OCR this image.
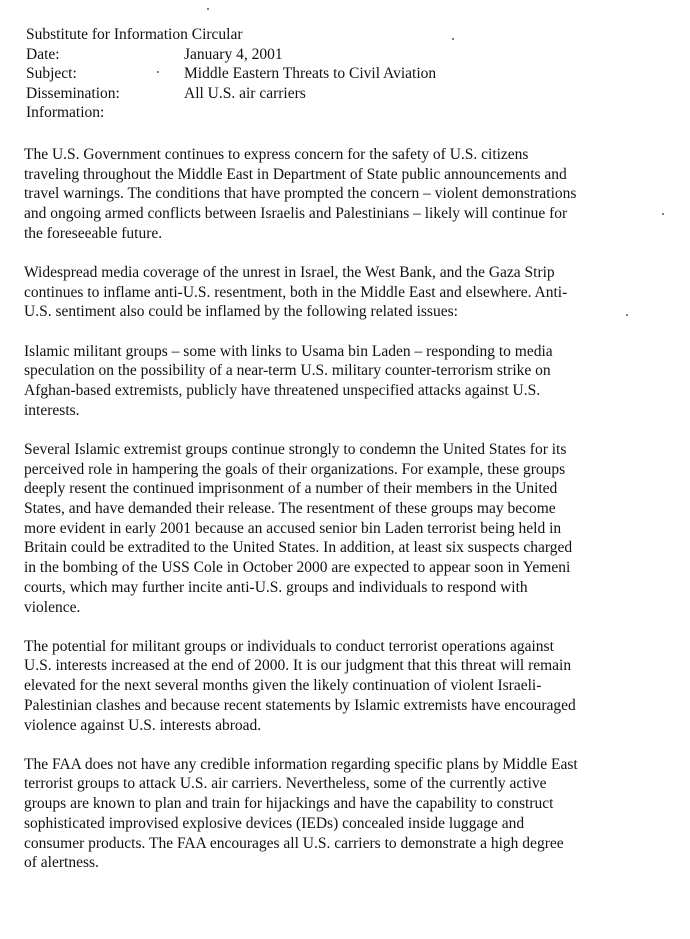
Substitute for Information Circular
Date:	January 4, 2001
Subject:	Middle Eastern Threats to Civil Aviation
Dissemination:	All U.S. air carriers
Information:
The U.S. Government continues to express concern for the safety of U.S. citizens
traveling throughout the Middle East in Department of State public announcements and
travel warnings. The conditions that have prompted the concern – violent demonstrations
and ongoing armed conflicts between Israelis and Palestinians – likely will continue for
the foreseeable future.
Widespread media coverage of the unrest in Israel, the West Bank, and the Gaza Strip
continues to inflame anti-U.S. resentment, both in the Middle East and elsewhere. Anti-
U.S. sentiment also could be inflamed by the following related issues:
Islamic militant groups – some with links to Usama bin Laden – responding to media
speculation on the possibility of a near-term U.S. military counter-terrorism strike on
Afghan-based extremists, publicly have threatened unspecified attacks against U.S.
interests.
Several Islamic extremist groups continue strongly to condemn the United States for its
perceived role in hampering the goals of their organizations. For example, these groups
deeply resent the continued imprisonment of a number of their members in the United
States, and have demanded their release. The resentment of these groups may become
more evident in early 2001 because an accused senior bin Laden terrorist being held in
Britain could be extradited to the United States. In addition, at least six suspects charged
in the bombing of the USS Cole in October 2000 are expected to appear soon in Yemeni
courts, which may further incite anti-U.S. groups and individuals to respond with
violence.
The potential for militant groups or individuals to conduct terrorist operations against
U.S. interests increased at the end of 2000. It is our judgment that this threat will remain
elevated for the next several months given the likely continuation of violent Israeli-
Palestinian clashes and because recent statements by Islamic extremists have encouraged
violence against U.S. interests abroad.
The FAA does not have any credible information regarding specific plans by Middle East
terrorist groups to attack U.S. air carriers. Nevertheless, some of the currently active
groups are known to plan and train for hijackings and have the capability to construct
sophisticated improvised explosive devices (IEDs) concealed inside luggage and
consumer products. The FAA encourages all U.S. carriers to demonstrate a high degree
of alertness.
